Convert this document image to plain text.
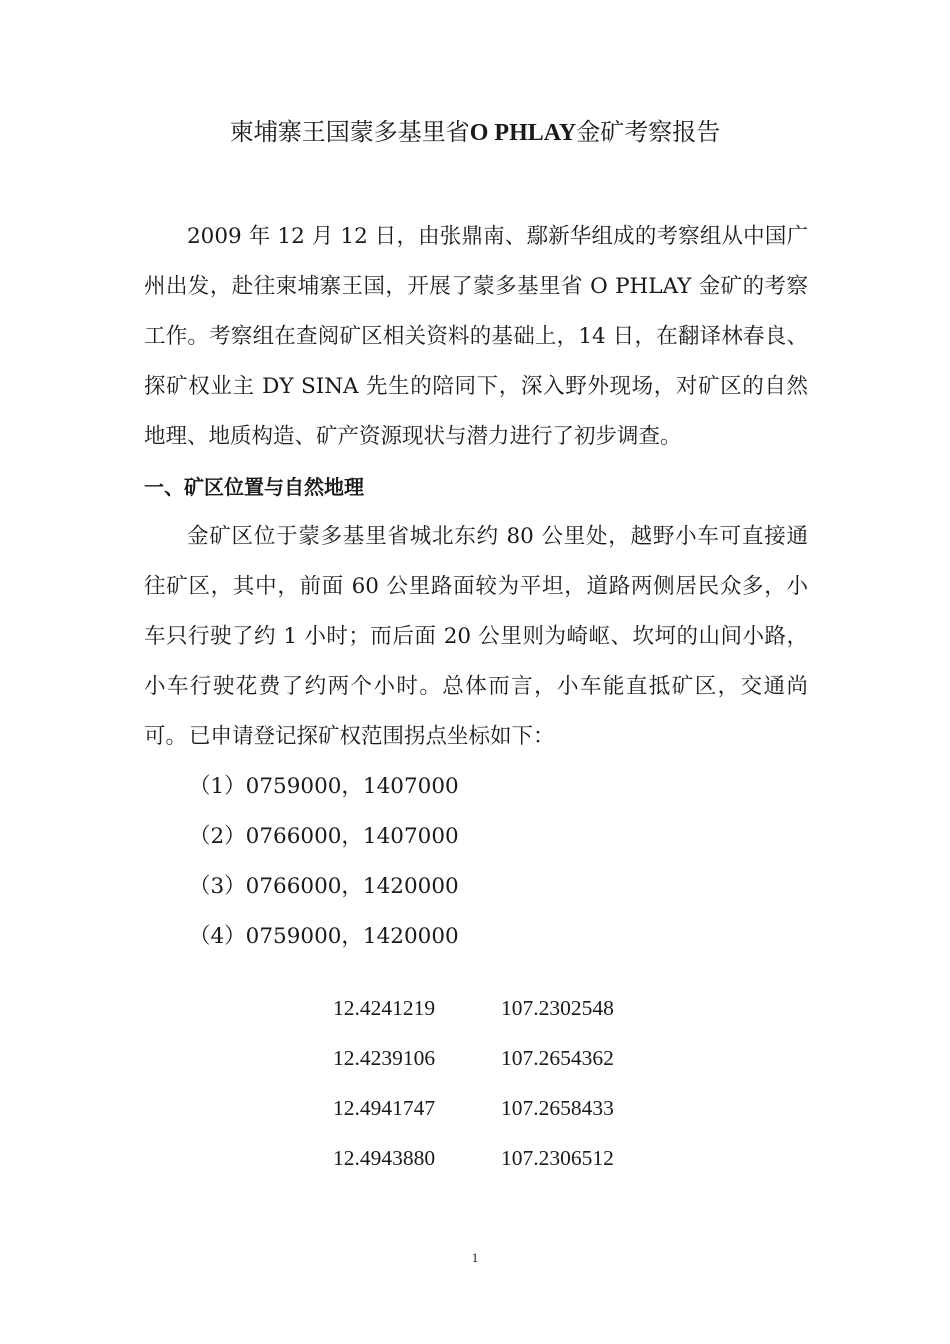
柬埔寨王国蒙多基里省O PHLAY金矿考察报告

2009 年 12 月 12 日，由张鼎南、鄢新华组成的考察组从中国广州出发，赴往柬埔寨王国，开展了蒙多基里省 O PHLAY 金矿的考察工作。考察组在查阅矿区相关资料的基础上，14 日，在翻译林春良、探矿权业主 DY SINA 先生的陪同下，深入野外现场，对矿区的自然地理、地质构造、矿产资源现状与潜力进行了初步调查。

一、矿区位置与自然地理

金矿区位于蒙多基里省城北东约 80 公里处，越野小车可直接通往矿区，其中，前面 60 公里路面较为平坦，道路两侧居民众多，小车只行驶了约 1 小时；而后面 20 公里则为崎岖、坎坷的山间小路，小车行驶花费了约两个小时。总体而言，小车能直抵矿区，交通尚可。 已申请登记探矿权范围拐点坐标如下：
（1）0759000，1407000
（2）0766000，1407000
（3）0766000，1420000
（4）0759000，1420000
12.4241219	107.2302548
12.4239106	107.2654362
12.4941747	107.2658433
12.4943880	107.2306512
1
